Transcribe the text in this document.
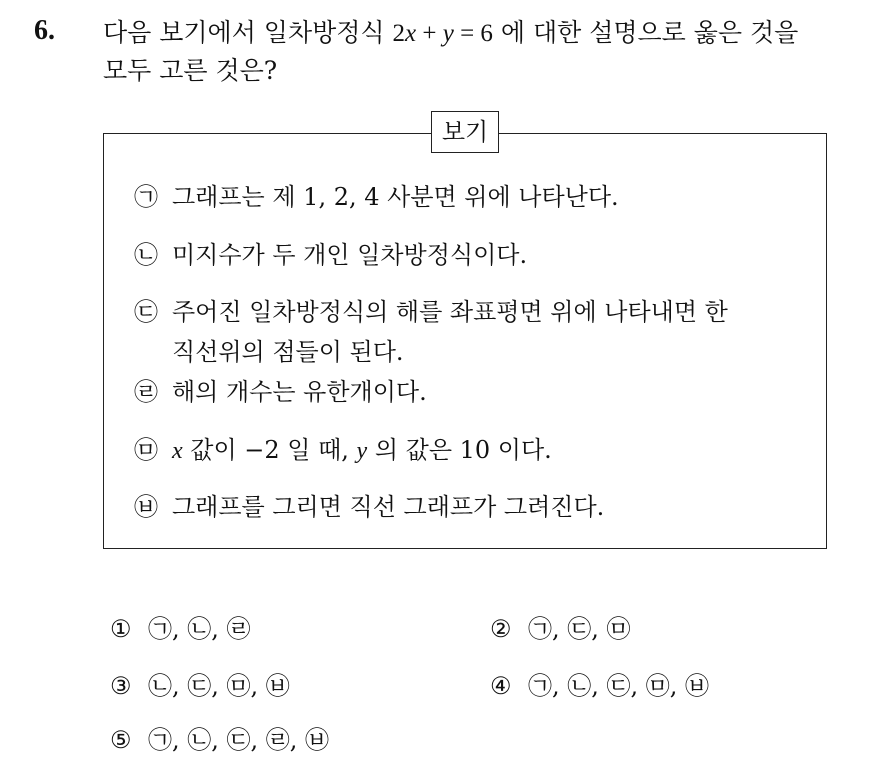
6. 다음 보기에서 일차방정식 2x + y = 6 에 대한 설명으로 옳은 것을
모두 고른 것은?
보기
㉠ 그래프는 제 1, 2, 4 사분면 위에 나타난다.
㉡ 미지수가 두 개인 일차방정식이다.
㉢ 주어진 일차방정식의 해를 좌표평면 위에 나타내면 한
직선위의 점들이 된다.
㉣ 해의 개수는 유한개이다.
㉤ x 값이 −2 일 때, y 의 값은 10 이다.
㉥ 그래프를 그리면 직선 그래프가 그려진다.
① ㉠, ㉡, ㉣	② ㉠, ㉢, ㉤
③ ㉡, ㉢, ㉤, ㉥	④ ㉠, ㉡, ㉢, ㉤, ㉥
⑤ ㉠, ㉡, ㉢, ㉣, ㉥
